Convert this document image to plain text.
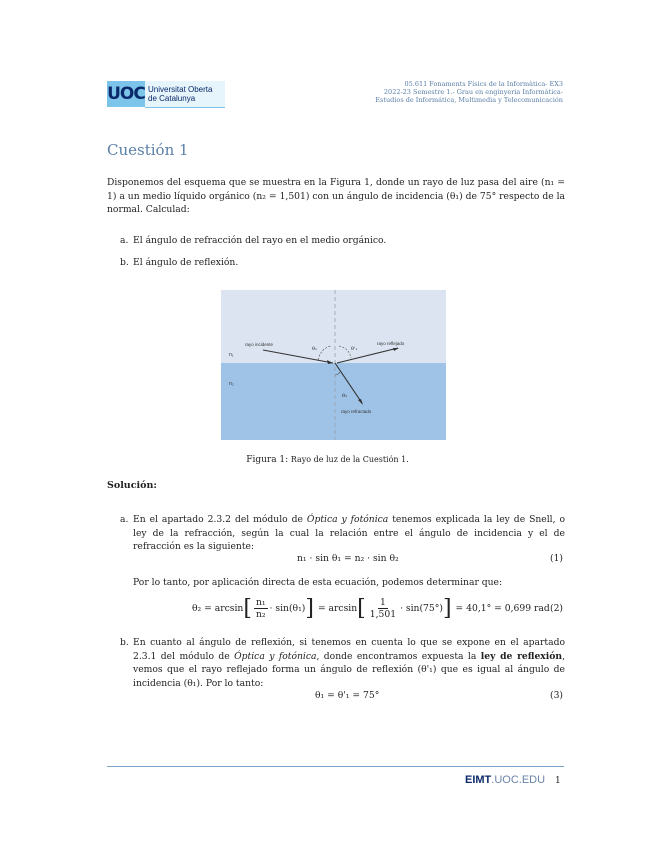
UOC Universitat Oberta
de Catalunya
05.611 Fonaments Físics de la Informàtica- EX3
2022-23 Semestre 1.- Grau en enginyeria Informàtica-
Estudios de Informática, Multimedia y Telecomunicación
Cuestión 1
Disponemos del esquema que se muestra en la Figura 1, donde un rayo de luz pasa del aire (n₁ = 1) a un medio líquido orgánico (n₂ = 1,501) con un ángulo de incidencia (θ₁) de 75° respecto de la normal. Calculad:
a. El ángulo de refracción del rayo en el medio orgánico.
b. El ángulo de reflexión.
rayo incidente	rayo reflejado
rayo refractado
n₁
n₂
θ₁	θ'₁
θ₂
Figura 1: Rayo de luz de la Cuestión 1.
Solución:
a. En el apartado 2.3.2 del módulo de Óptica y fotónica tenemos explicada la ley de Snell, o ley de la refracción, según la cual la relación entre el ángulo de incidencia y el de refracción es la siguiente:
n₁ · sin θ₁ = n₂ · sin θ₂	(1)
Por lo tanto, por aplicación directa de esta ecuación, podemos determinar que:
θ₂ = arcsin [ $\frac{\text{n₁}}{\text{n₂}} \cdot \sin(\theta_1)$ ] = arcsin [ $\frac{1}{1,501} \cdot \sin(75^\circ)$ ] = 40,1° = 0,699 rad (2)
b. En cuanto al ángulo de reflexión, si tenemos en cuenta lo que se expone en el apartado 2.3.1 del módulo de Óptica y fotónica, donde encontramos expuesta la ley de reflexión, vemos que el rayo reflejado forma un ángulo de reflexión (θ'₁) que es igual al ángulo de incidencia (θ₁). Por lo tanto:
θ₁ = θ'₁ = 75°	(3)
EIMT.UOC.EDU 1
